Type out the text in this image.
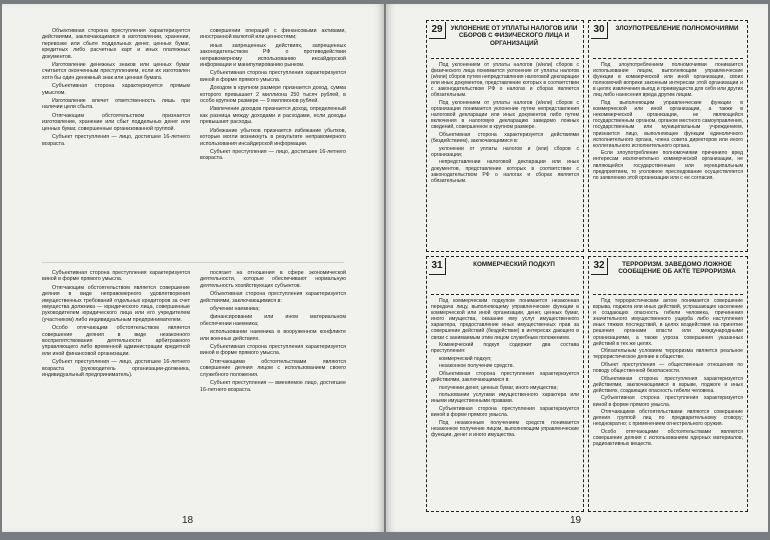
Объективная сторона преступления характеризуется действиями, заключающимися в изготовлении, хранении, перевозке или сбыте поддельных денег, ценных бумаг, кредитных либо расчетных карт и иных платежных документов.

Изготовление денежных знаков или ценных бумаг считается оконченным преступлением, если их изготовлен хотя бы один денежный знак или ценная бумага.

Субъективная сторона характеризуется прямым умыслом.

Изготовление влечет ответственность лишь при наличии цели сбыта.

Отягчающим обстоятельством признается изготовление, хранение или сбыт поддельных денег или ценных бумаг, совершенные организованной группой.

Субъект преступления — лицо, достигшее 16-летнего возраста.

совершении операций с финансовыми активами, иностранной валютой или ценностями;

иных запрещенных действиях, запрещенных законодательством РФ о противодействии неправомерному использованию инсайдерской информации и манипулированию рынком.

Субъективная сторона преступления характеризуется виной в форме прямого умысла.

Доходом в крупном размере признается доход, сумма которого превышает 2 миллиона 250 тысяч рублей, в особо крупном размере — 9 миллионов рублей.

Извлечение доходов признается доход, определенный как разница между доходами и расходами, если доходы превышают расходы.

Избежание убытков признается избежание убытков, которые могли возникнуть в результате неправомерного использования инсайдерской информации.

Субъект преступления — лицо, достигшее 16-летнего возраста.

Субъективная сторона преступления характеризуется виной в форме прямого умысла.

Отягчающим обстоятельством является совершение деяния в виде неправомерного удовлетворения имущественных требований отдельных кредиторов за счет имущества должника — юридического лица, совершенные руководителем юридического лица или его учредителем (участником) либо индивидуальным предпринимателем.

Особо отягчающим обстоятельством является совершение деяния в виде незаконного воспрепятствования деятельности арбитражного управляющего либо временной администрации кредитной или иной финансовой организации.

Субъект преступления — лицо, достигшее 16-летнего возраста (руководитель организации-должника, индивидуальный предприниматель).

посягает на отношения в сфере экономической деятельности, которые обеспечивают нормальную деятельность хозяйствующих субъектов.

Объективная сторона преступления характеризуется действиями, заключающимися в:

обучении наемника;

финансировании или ином материальном обеспечении наемника;

использовании наемника в вооруженном конфликте или военных действиях.

Субъективная сторона преступления характеризуется виной в форме прямого умысла.

Отягчающими обстоятельствами являются совершение деяния лицом с использованием своего служебного положения.

Субъект преступления — вменяемое лицо, достигшее 16-летнего возраста.

18
29	УКЛОНЕНИЕ ОТ УПЛАТЫ НАЛОГОВ ИЛИ СБОРОВ С ФИЗИЧЕСКОГО ЛИЦА И ОРГАНИЗАЦИЙ

Под уклонением от уплаты налогов (и/или) сборов с физического лица понимается уклонение от уплаты налогов (и/или) сборов путем непредставления налоговой декларации или иных документов, представление которых в соответствии с законодательством РФ о налогах и сборах является обязательным.

Под уклонением от уплаты налогов (и/или) сборов с организации понимается уклонение путем непредставления налоговой декларации или иных документов либо путем включения в налоговую декларацию заведомо ложных сведений, совершенное в крупном размере.

Объективная сторона характеризуется действиями (бездействием), заключающимися в:

уклонении от уплаты налогов и (или) сборов с организации;

непредставлении налоговой декларации или иных документов, представление которых в соответствии с законодательством РФ о налогах и сборах является обязательным.

30	ЗЛОУПОТРЕБЛЕНИЕ ПОЛНОМОЧИЯМИ

Под злоупотреблением полномочиями понимается использование лицом, выполняющим управленческие функции в коммерческой или иной организации, своих полномочий вопреки законным интересам этой организации и в целях извлечения выгод и преимуществ для себя или других лиц либо нанесения вреда другим лицам.

Под выполняющим управленческие функции в коммерческой или иной организации, а также в некоммерческой организации, не являющейся государственным органом, органом местного самоуправления, государственным или муниципальным учреждением, признается лицо, выполняющее функции единоличного исполнительного органа, члена совета директоров или иного коллегиального исполнительного органа.

Если злоупотребление полномочиями причинило вред интересам исключительно коммерческой организации, не являющейся государственным или муниципальным предприятием, то уголовное преследование осуществляется по заявлению этой организации или с ее согласия.

31	КОММЕРЧЕСКИЙ ПОДКУП

Под коммерческим подкупом понимается незаконная передача лицу, выполняющему управленческие функции в коммерческой или иной организации, денег, ценных бумаг, иного имущества, оказание ему услуг имущественного характера, предоставление иных имущественных прав за совершение действий (бездействие) в интересах дающего в связи с занимаемым этим лицом служебным положением.

Коммерческий подкуп содержит два состава преступления:

коммерческий подкуп;

незаконное получение средств.

Объективная сторона преступления характеризуется действиями, заключающимися в:

получении денег, ценных бумаг, иного имущества;

пользовании услугами имущественного характера или иными имущественными правами.

Субъективная сторона преступления характеризуется виной в форме прямого умысла.

Под незаконным получением средств понимается незаконное получение лицом, выполняющим управленческие функции, денег и иного имущества.

32	ТЕРРОРИЗМ. ЗАВЕДОМО ЛОЖНОЕ СООБЩЕНИЕ ОБ АКТЕ ТЕРРОРИЗМА

Под террористическим актом понимается совершение взрыва, поджога или иных действий, устрашающих население и создающих опасность гибели человека, причинения значительного имущественного ущерба либо наступления иных тяжких последствий, в целях воздействия на принятие решения органами власти или международными организациями, а также угроза совершения указанных действий в тех же целях.

Обязательным условием терроризма является реальное террористическое деяние в обществе.

Объект преступления — общественные отношения по поводу общественной безопасности.

Объективная сторона преступления характеризуется действиями, заключающимися в взрыве, поджоге и иных действиях, создающих опасность гибели человека.

Субъективная сторона преступления характеризуется виной в форме прямого умысла.

Отягчающими обстоятельствами являются совершение деяния группой лиц по предварительному сговору; неоднократно; с применением огнестрельного оружия.

Особо отягчающими обстоятельствами являются совершение деяния с использованием ядерных материалов, радиоактивных веществ.

19
